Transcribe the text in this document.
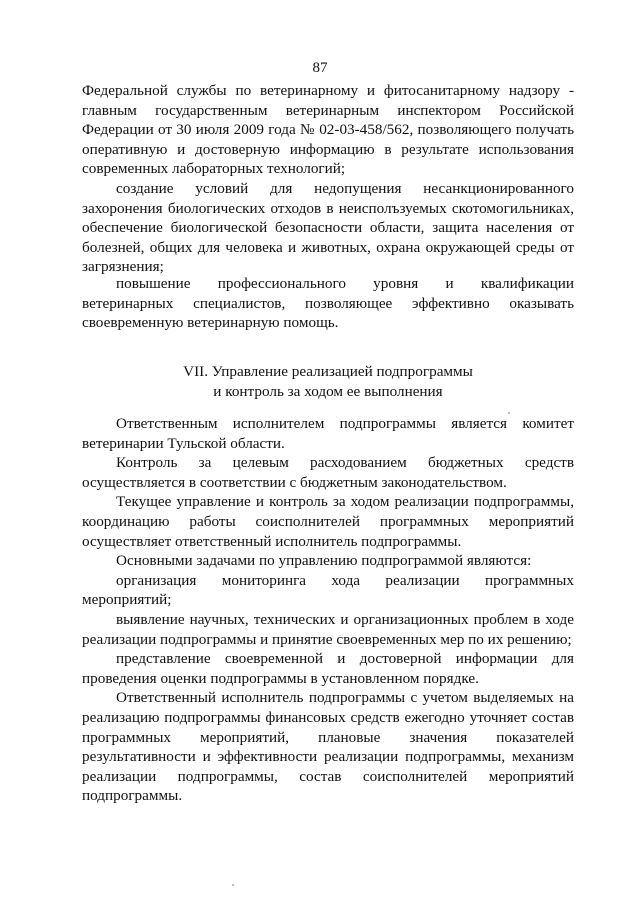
87

Федеральной службы по ветеринарному и фитосанитарному надзору - главным государственным ветеринарным инспектором Российской Федерации от 30 июля 2009 года № 02-03-458/562, позволяющего получать оперативную и достоверную информацию в результате использования современных лабораторных технологий;

создание условий для недопущения несанкционированного захоронения биологических отходов в неисполъзуемых скотомогильниках, обеспечение биологической безопасности области, защита населения от болезней, общих для человека и животных, охрана окружающей среды от загрязнения;

повышение профессионального уровня и квалификации ветеринарных специалистов, позволяющее эффективно оказывать своевременную ветеринарную помощь.

VII. Управление реализацией подпрограммы
и контроль за ходом ее выполнения

Ответственным исполнителем подпрограммы является комитет ветеринарии Тульской области.

Контроль за целевым расходованием бюджетных средств осуществляется в соответствии с бюджетным законодательством.

Текущее управление и контроль за ходом реализации подпрограммы, координацию работы соисполнителей программных мероприятий осуществляет ответственный исполнитель подпрограммы.

Основными задачами по управлению подпрограммой являются:

организация мониторинга хода реализации программных мероприятий;

выявление научных, технических и организационных проблем в ходе реализации подпрограммы и принятие своевременных мер по их решению;

представление своевременной и достоверной информации для проведения оценки подпрограммы в установленном порядке.

Ответственный исполнитель подпрограммы с учетом выделяемых на реализацию подпрограммы финансовых средств ежегодно уточняет состав программных мероприятий, плановые значения показателей результативности и эффективности реализации подпрограммы, механизм реализации подпрограммы, состав соисполнителей мероприятий подпрограммы.
